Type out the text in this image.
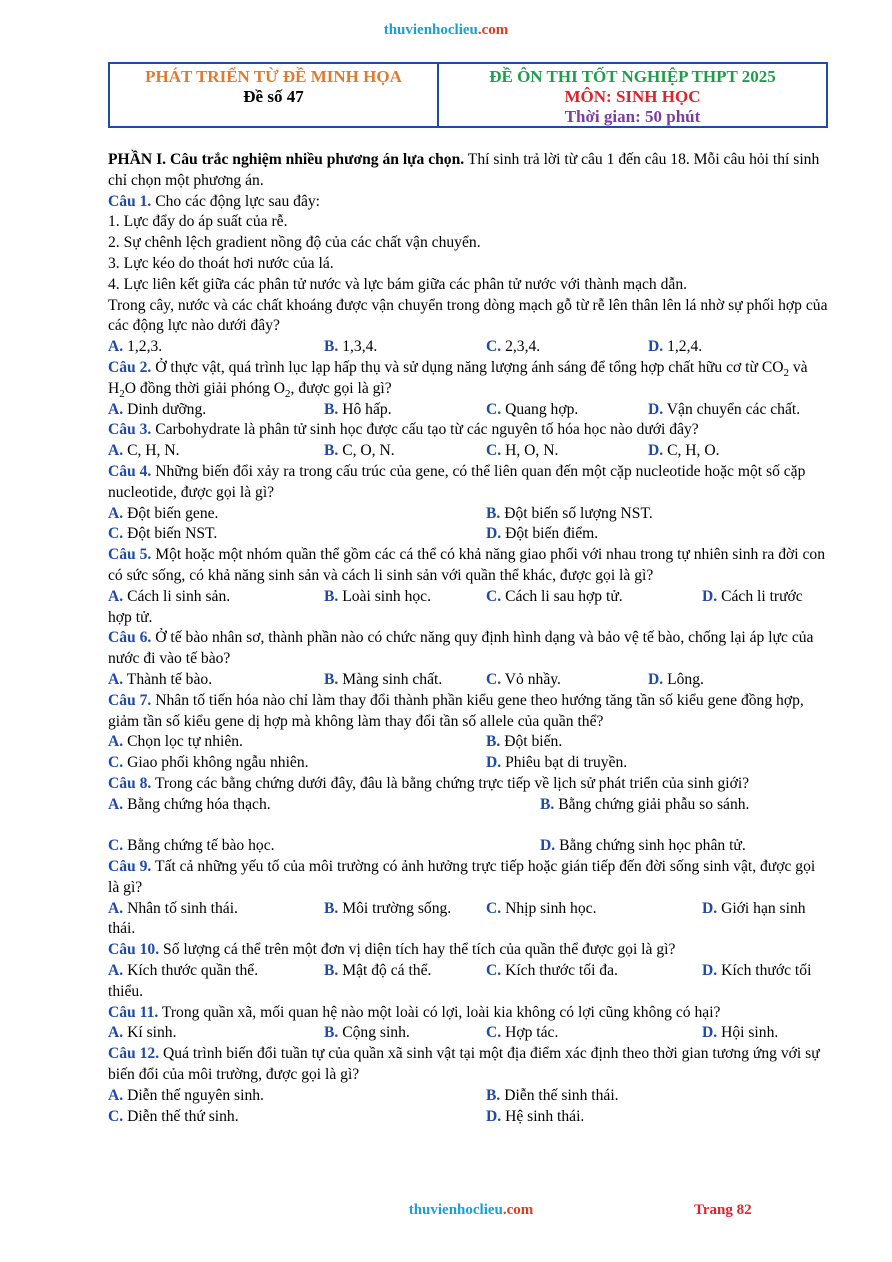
thuvienhoclieu.com
PHÁT TRIỂN TỪ ĐỀ MINH HỌA
Đề số 47
ĐỀ ÔN THI TỐT NGHIỆP THPT 2025
MÔN: SINH HỌC
Thời gian: 50 phút

PHẦN I. Câu trắc nghiệm nhiều phương án lựa chọn. Thí sinh trả lời từ câu 1 đến câu 18. Mỗi câu hỏi thí sinh chỉ chọn một phương án.

Câu 1. Cho các động lực sau đây:

1. Lực đẩy do áp suất của rễ.

2. Sự chênh lệch gradient nồng độ của các chất vận chuyển.

3. Lực kéo do thoát hơi nước của lá.

4. Lực liên kết giữa các phân tử nước và lực bám giữa các phân tử nước với thành mạch dẫn.

Trong cây, nước và các chất khoáng được vận chuyển trong dòng mạch gỗ từ rễ lên thân lên lá nhờ sự phối hợp của các động lực nào dưới đây?

A. 1,2,3.	B. 1,3,4.	C. 2,3,4.	D. 1,2,4.

Câu 2. Ở thực vật, quá trình lục lạp hấp thụ và sử dụng năng lượng ánh sáng để tổng hợp chất hữu cơ từ $CO_2$ và $H_2O$ đồng thời giải phóng $O_2$, được gọi là gì?

A. Dinh dưỡng.	B. Hô hấp.	C. Quang hợp.	D. Vận chuyển các chất.

Câu 3. Carbohydrate là phân tử sinh học được cấu tạo từ các nguyên tố hóa học nào dưới đây?

A. C, H, N.	B. C, O, N.	C. H, O, N.	D. C, H, O.

Câu 4. Những biến đổi xảy ra trong cấu trúc của gene, có thể liên quan đến một cặp nucleotide hoặc một số cặp nucleotide, được gọi là gì?

A. Đột biến gene.	B. Đột biến số lượng NST.
C. Đột biến NST.	D. Đột biến điểm.

Câu 5. Một hoặc một nhóm quần thể gồm các cá thể có khả năng giao phối với nhau trong tự nhiên sinh ra đời con có sức sống, có khả năng sinh sản và cách li sinh sản với quần thể khác, được gọi là gì?

A. Cách li sinh sản.	B. Loài sinh học.	C. Cách li sau hợp tử.	D. Cách li trước

hợp tử.

Câu 6. Ở tế bào nhân sơ, thành phần nào có chức năng quy định hình dạng và bảo vệ tế bào, chống lại áp lực của nước đi vào tế bào?

A. Thành tế bào.	B. Màng sinh chất.	C. Vỏ nhầy.	D. Lông.

Câu 7. Nhân tố tiến hóa nào chỉ làm thay đổi thành phần kiểu gene theo hướng tăng tần số kiểu gene đồng hợp, giảm tần số kiểu gene dị hợp mà không làm thay đổi tần số allele của quần thể?

A. Chọn lọc tự nhiên.	B. Đột biến.
C. Giao phối không ngẫu nhiên.	D. Phiêu bạt di truyền.

Câu 8. Trong các bằng chứng dưới đây, đâu là bằng chứng trực tiếp về lịch sử phát triển của sinh giới?

A. Bằng chứng hóa thạch.	B. Bằng chứng giải phẫu so sánh.
C. Bằng chứng tế bào học.	D. Bằng chứng sinh học phân tử.

Câu 9. Tất cả những yếu tố của môi trường có ảnh hưởng trực tiếp hoặc gián tiếp đến đời sống sinh vật, được gọi là gì?

A. Nhân tố sinh thái.	B. Môi trường sống.	C. Nhịp sinh học.	D. Giới hạn sinh

thái.

Câu 10. Số lượng cá thể trên một đơn vị diện tích hay thể tích của quần thể được gọi là gì?

A. Kích thước quần thể.	B. Mật độ cá thể.	C. Kích thước tối đa.	D. Kích thước tối

thiểu.

Câu 11. Trong quần xã, mối quan hệ nào một loài có lợi, loài kia không có lợi cũng không có hại?

A. Kí sinh.	B. Cộng sinh.	C. Hợp tác.	D. Hội sinh.

Câu 12. Quá trình biến đổi tuần tự của quần xã sinh vật tại một địa điểm xác định theo thời gian tương ứng với sự biến đổi của môi trường, được gọi là gì?

A. Diễn thế nguyên sinh.	B. Diễn thế sinh thái.
C. Diễn thế thứ sinh.	D. Hệ sinh thái.
thuvienhoclieu.com	Trang 82
